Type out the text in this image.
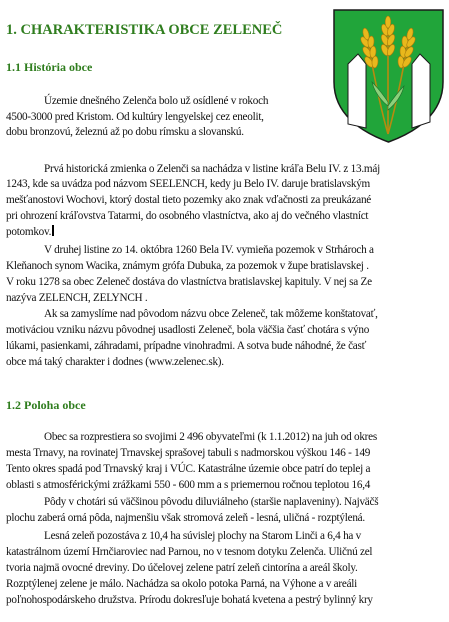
1. CHARAKTERISTIKA OBCE ZELENEČ
1.1 História obce
Územie dnešného Zelenča bolo už osídlené v rokoch
4500-3000 pred Kristom. Od kultúry lengyelskej cez eneolit,
dobu bronzovú, železnú až po dobu rímsku a slovanskú.
Prvá historická zmienka o Zelenči sa nachádza v listine kráľa Belu IV. z 13.máj
1243, kde sa uvádza pod názvom SEELENCH, kedy ju Belo IV. daruje bratislavským
mešťanostovi Wochovi, ktorý dostal tieto pozemky ako znak vďačnosti za preukázané
pri ohrození kráľovstva Tatarmi, do osobného vlastníctva, ako aj do večného vlastníct
potomkov.
V druhej listine zo 14. októbra 1260 Bela IV. vymieňa pozemok v Strhároch a
Kleňanoch synom Wacika, známym grófa Dubuka, za pozemok v župe bratislavskej .
V roku 1278 sa obec Zeleneč dostáva do vlastníctva bratislavskej kapituly. V nej sa Ze
nazýva ZELENCH, ZELYNCH .
Ak sa zamyslíme nad pôvodom názvu obce Zeleneč, tak môžeme konštatovať,
motiváciou vzniku názvu pôvodnej usadlosti Zeleneč, bola väčšia časť chotára s výno
lúkami, pasienkami, záhradami, prípadne vinohradmi. A sotva bude náhodné, že časť
obce má taký charakter i dodnes (www.zelenec.sk).
1.2 Poloha obce
Obec sa rozprestiera so svojimi 2 496 obyvateľmi (k 1.1.2012) na juh od okres
mesta Trnavy, na rovinatej Trnavskej sprašovej tabuli s nadmorskou výškou 146 - 149
Tento okres spadá pod Trnavský kraj i VÚC. Katastrálne územie obce patrí do teplej a
oblasti s atmosférickými zrážkami 550 - 600 mm a s priemernou ročnou teplotou 16,4
Pôdy v chotári sú väčšinou pôvodu diluviálneho (staršie naplaveniny). Najväčš
plochu zaberá orná pôda, najmenšiu však stromová zeleň - lesná, uličná - rozptýlená.
Lesná zeleň pozostáva z 10,4 ha súvislej plochy na Starom Linči a 6,4 ha v
katastrálnom území Hrnčiaroviec nad Parnou, no v tesnom dotyku Zelenča. Uličnú zel
tvoria najmä ovocné dreviny. Do účelovej zelene patrí zeleň cintorína a areál školy.
Rozptýlenej zelene je málo. Nachádza sa okolo potoka Parná, na Výhone a v areáli
poľnohospodárskeho družstva. Prírodu dokresľuje bohatá kvetena a pestrý bylinný kry
